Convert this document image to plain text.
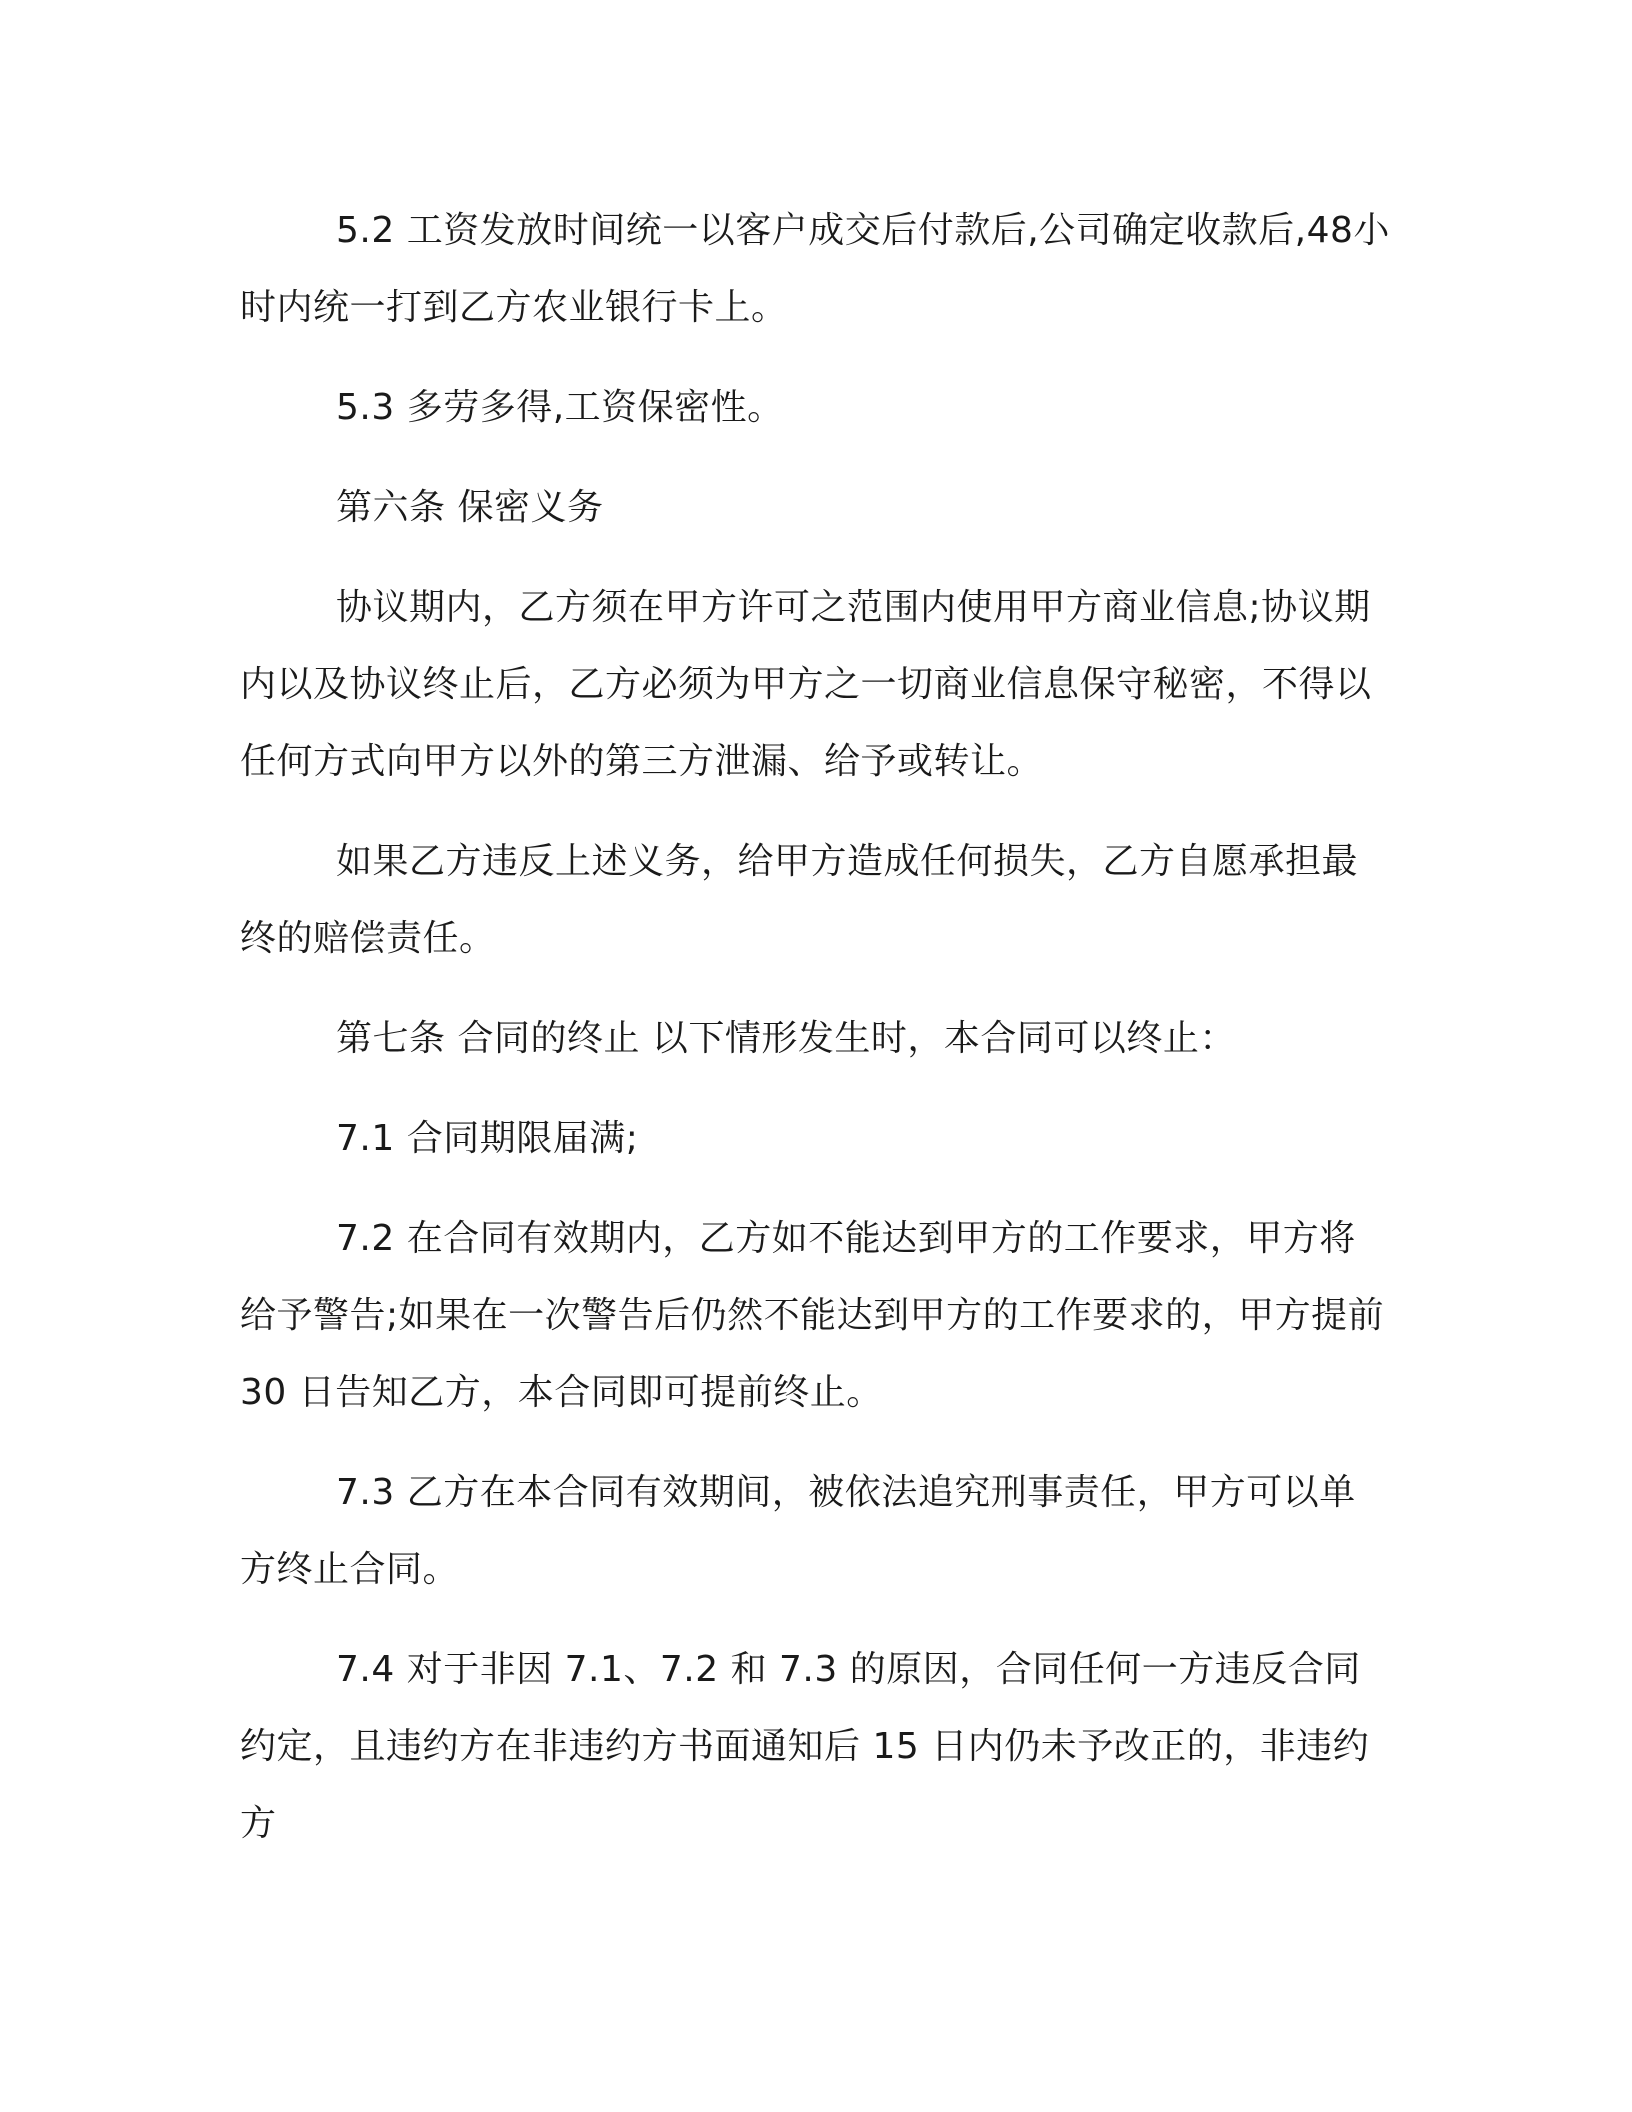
5.2 工资发放时间统一以客户成交后付款后,公司确定收款后,48小时内统一打到乙方农业银行卡上。

5.3 多劳多得,工资保密性。

第六条 保密义务

协议期内，乙方须在甲方许可之范围内使用甲方商业信息;协议期内以及协议终止后，乙方必须为甲方之一切商业信息保守秘密，不得以任何方式向甲方以外的第三方泄漏、给予或转让。

如果乙方违反上述义务，给甲方造成任何损失，乙方自愿承担最终的赔偿责任。

第七条 合同的终止 以下情形发生时，本合同可以终止：

7.1 合同期限届满;

7.2 在合同有效期内，乙方如不能达到甲方的工作要求，甲方将给予警告;如果在一次警告后仍然不能达到甲方的工作要求的，甲方提前 30 日告知乙方，本合同即可提前终止。

7.3 乙方在本合同有效期间，被依法追究刑事责任，甲方可以单方终止合同。

7.4 对于非因 7.1、7.2 和 7.3 的原因，合同任何一方违反合同约定，且违约方在非违约方书面通知后 15 日内仍未予改正的，非违约方
